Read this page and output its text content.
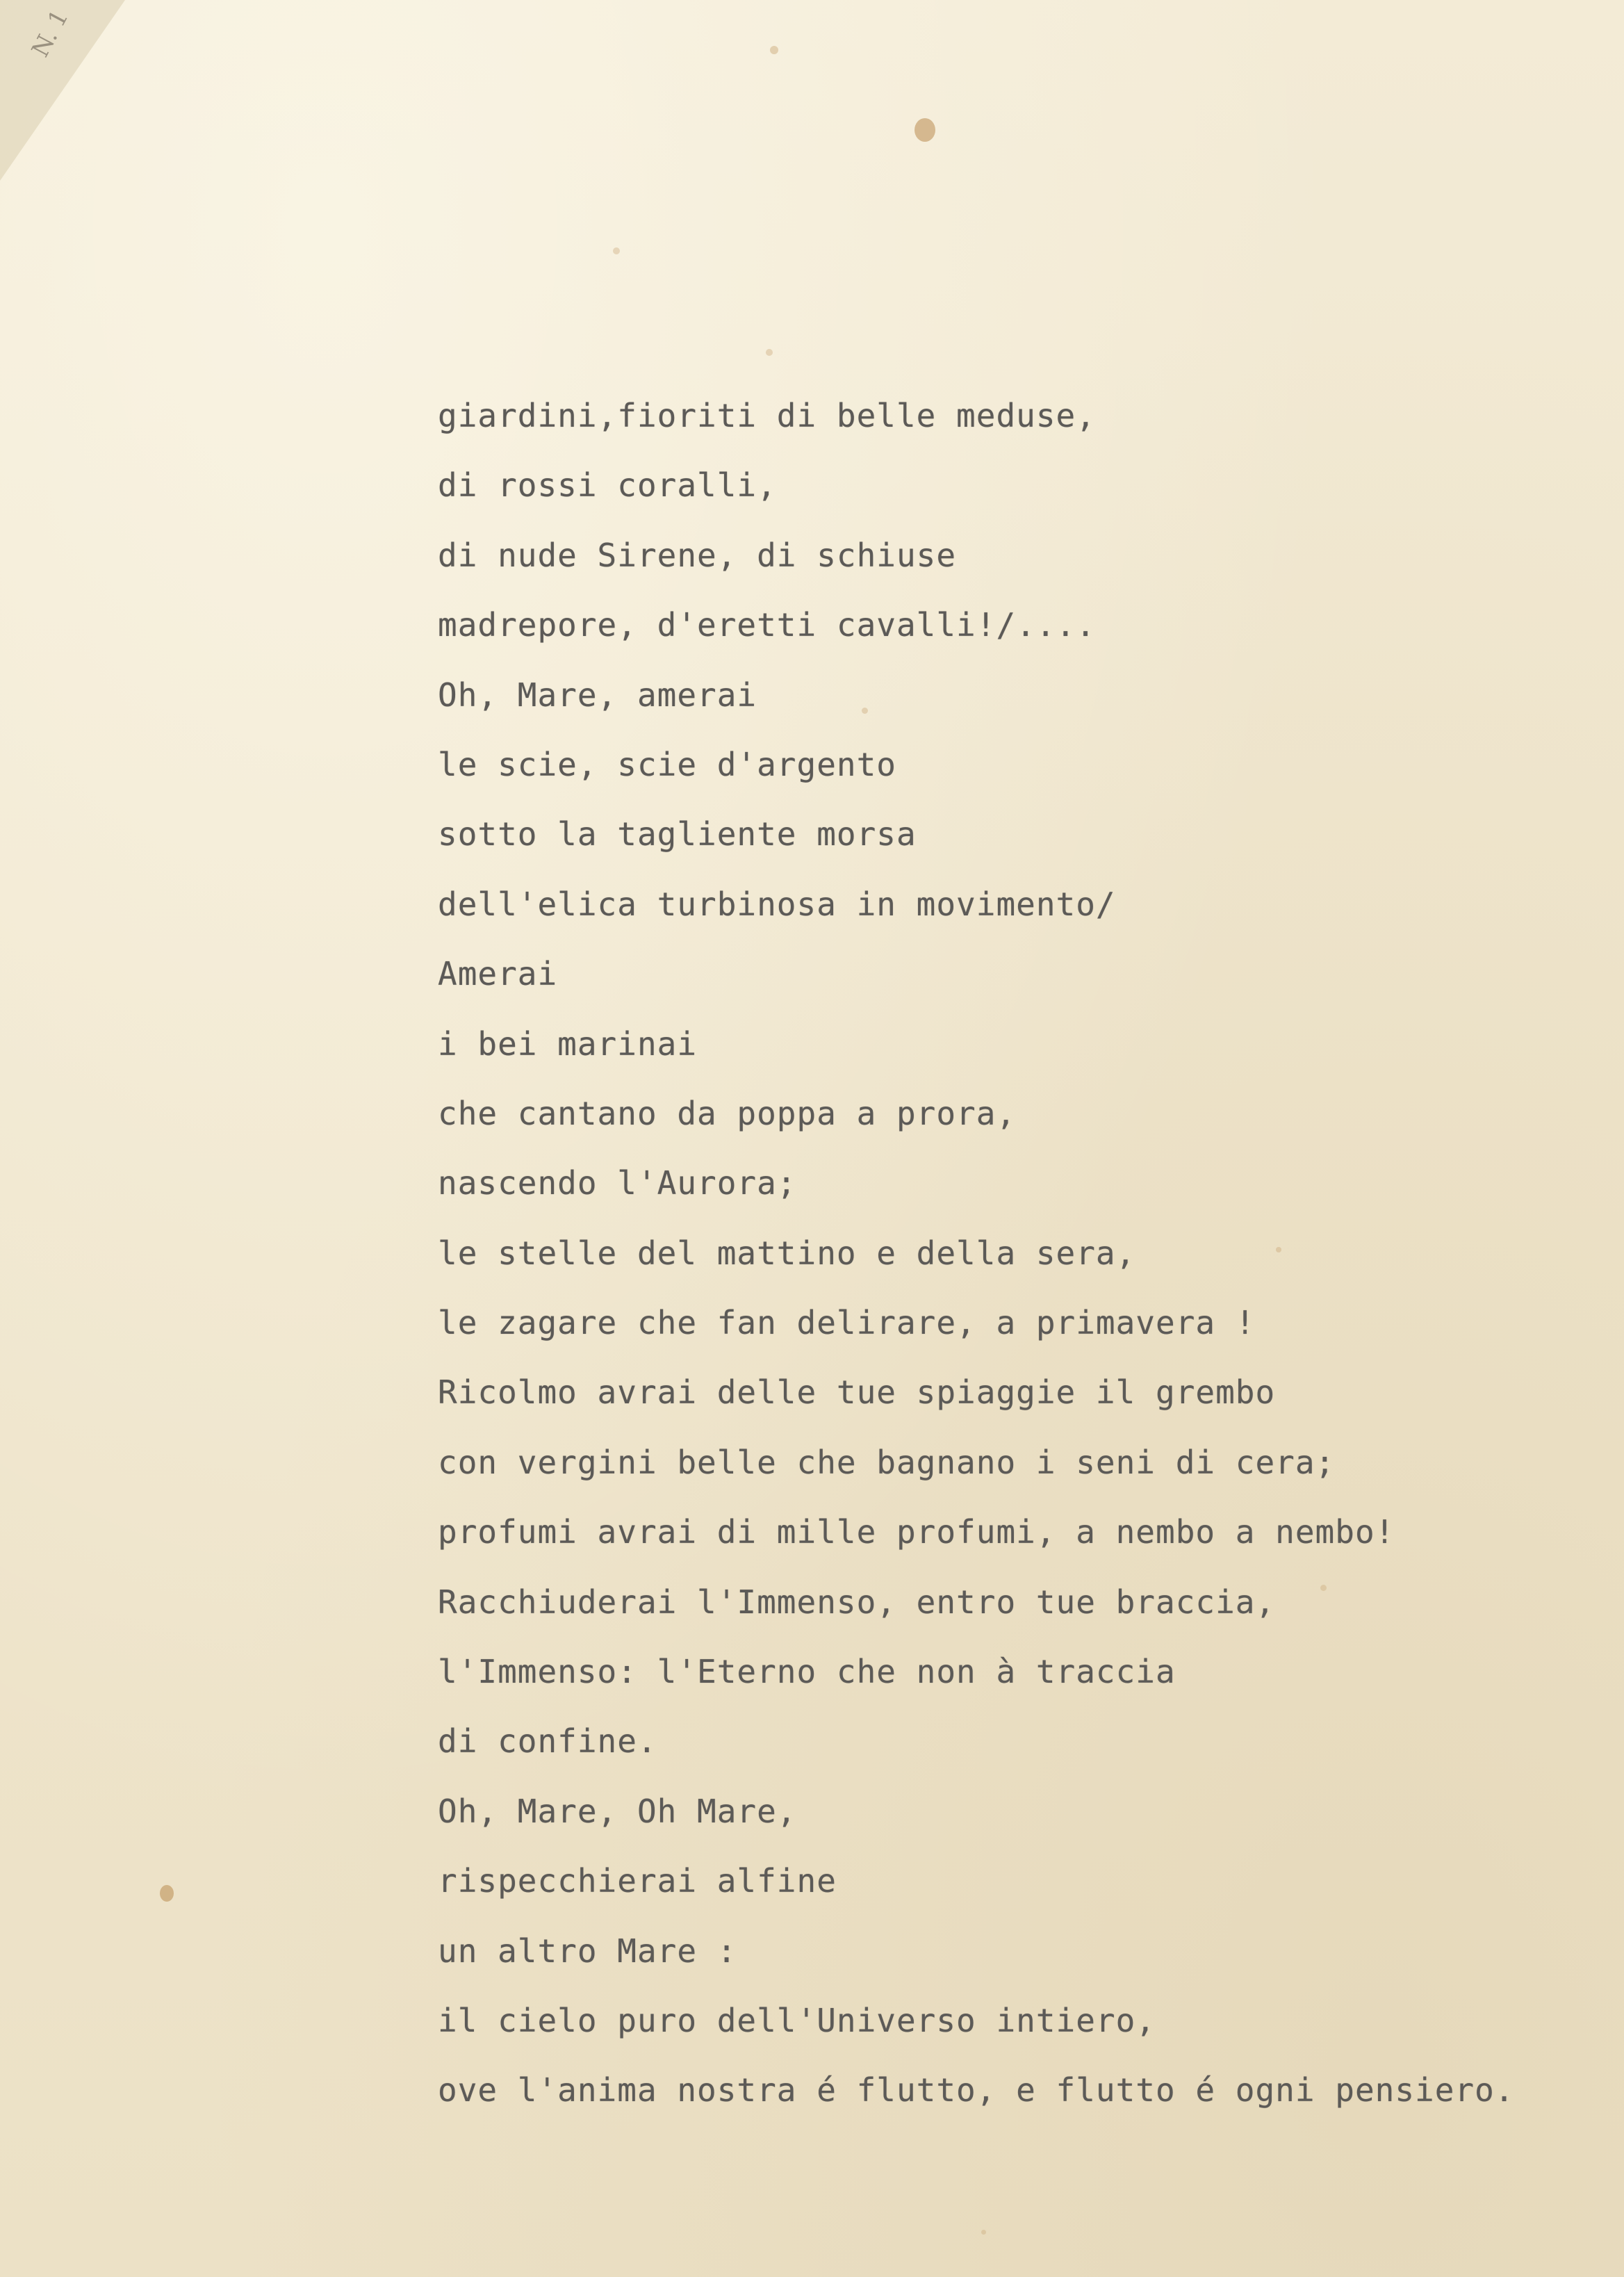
N. 1
giardini,fioriti di belle meduse,
di rossi coralli,
di nude Sirene, di schiuse
madrepore, d'eretti cavalli!/....
Oh, Mare, amerai
le scie, scie d'argento
sotto la tagliente morsa
dell'elica turbinosa in movimento/
Amerai
i bei marinai
che cantano da poppa a prora,
nascendo l'Aurora;
le stelle del mattino e della sera,
le zagare che fan delirare, a primavera !
Ricolmo avrai delle tue spiaggie il grembo
con vergini belle che bagnano i seni di cera;
profumi avrai di mille profumi, a nembo a nembo!
Racchiuderai l'Immenso, entro tue braccia,
l'Immenso: l'Eterno che non à traccia
di confine.
Oh, Mare, Oh Mare,
rispecchierai alfine
un altro Mare :
il cielo puro dell'Universo intiero,
ove l'anima nostra é flutto, e flutto é ogni pensiero.
